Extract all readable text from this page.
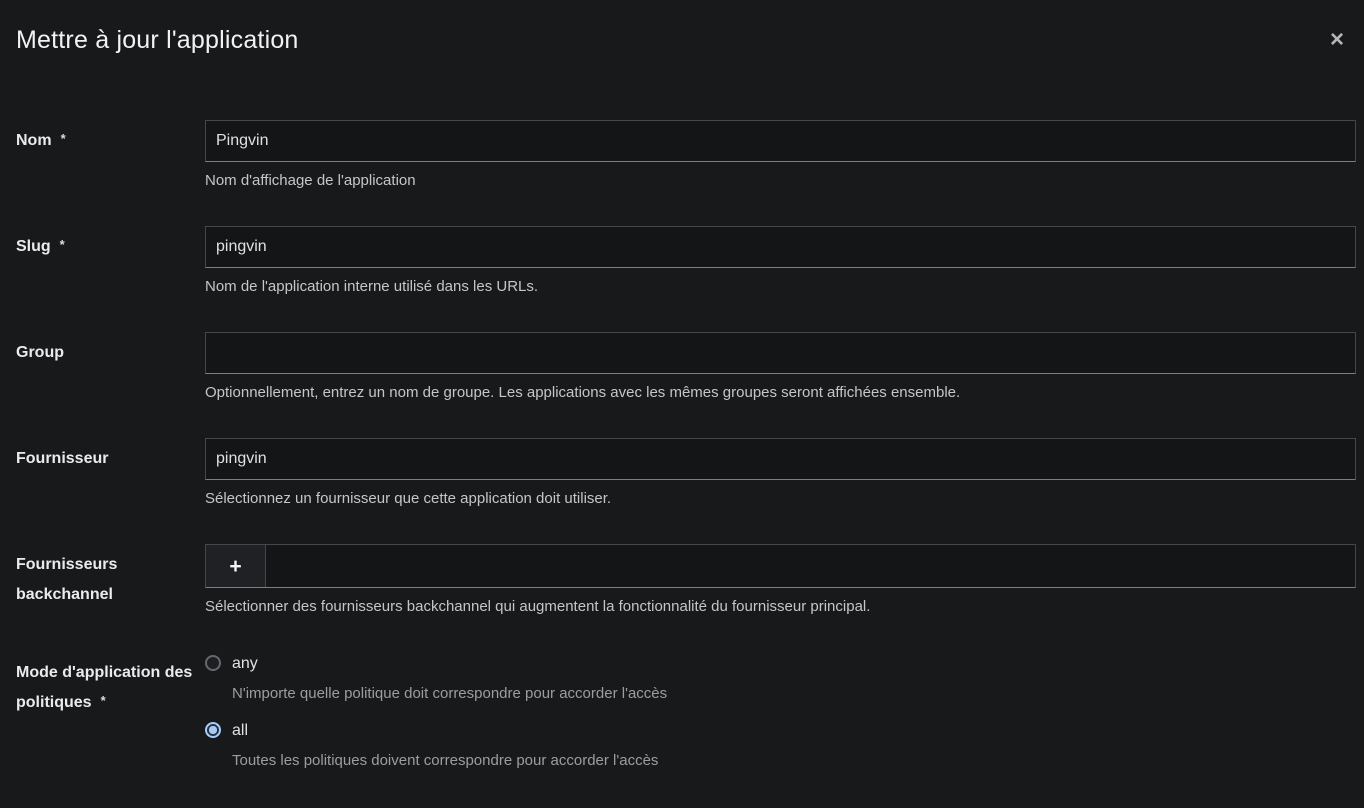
Mettre à jour l'application	×
Nom *
Pingvin

Nom d'affichage de l'application

Slug *
pingvin

Nom de l'application interne utilisé dans les URLs.

Group

Optionnellement, entrez un nom de groupe. Les applications avec les mêmes groupes seront affichées ensemble.

Fournisseur
pingvin

Sélectionnez un fournisseur que cette application doit utiliser.

Fournisseurs backchannel
+

Sélectionner des fournisseurs backchannel qui augmentent la fonctionnalité du fournisseur principal.

Mode d'application des politiques *
any

N'importe quelle politique doit correspondre pour accorder l'accès

all

Toutes les politiques doivent correspondre pour accorder l'accès
